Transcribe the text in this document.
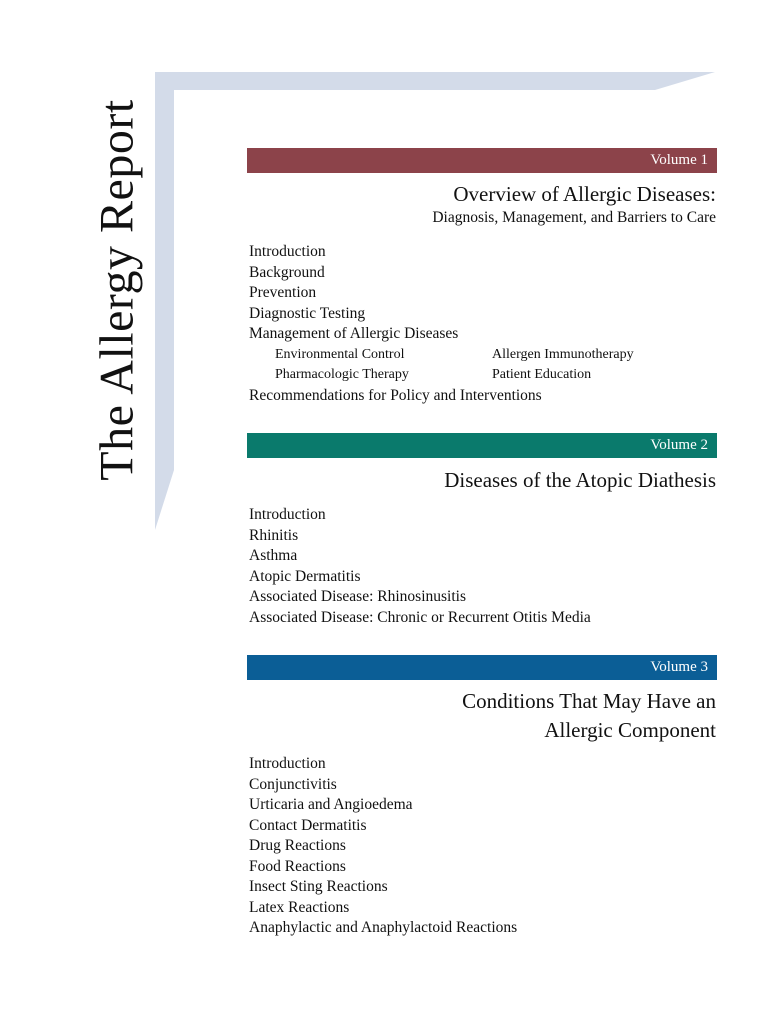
The Allergy Report	Volume 1
Overview of Allergic Diseases:
Diagnosis, Management, and Barriers to Care
Introduction
Background
Prevention
Diagnostic Testing
Management of Allergic Diseases
Environmental Control	Allergen Immunotherapy
Pharmacologic Therapy	Patient Education
Recommendations for Policy and Interventions
Volume 2
Diseases of the Atopic Diathesis
Introduction
Rhinitis
Asthma
Atopic Dermatitis
Associated Disease: Rhinosinusitis
Associated Disease: Chronic or Recurrent Otitis Media
Volume 3
Conditions That May Have an
Allergic Component
Introduction
Conjunctivitis
Urticaria and Angioedema
Contact Dermatitis
Drug Reactions
Food Reactions
Insect Sting Reactions
Latex Reactions
Anaphylactic and Anaphylactoid Reactions
